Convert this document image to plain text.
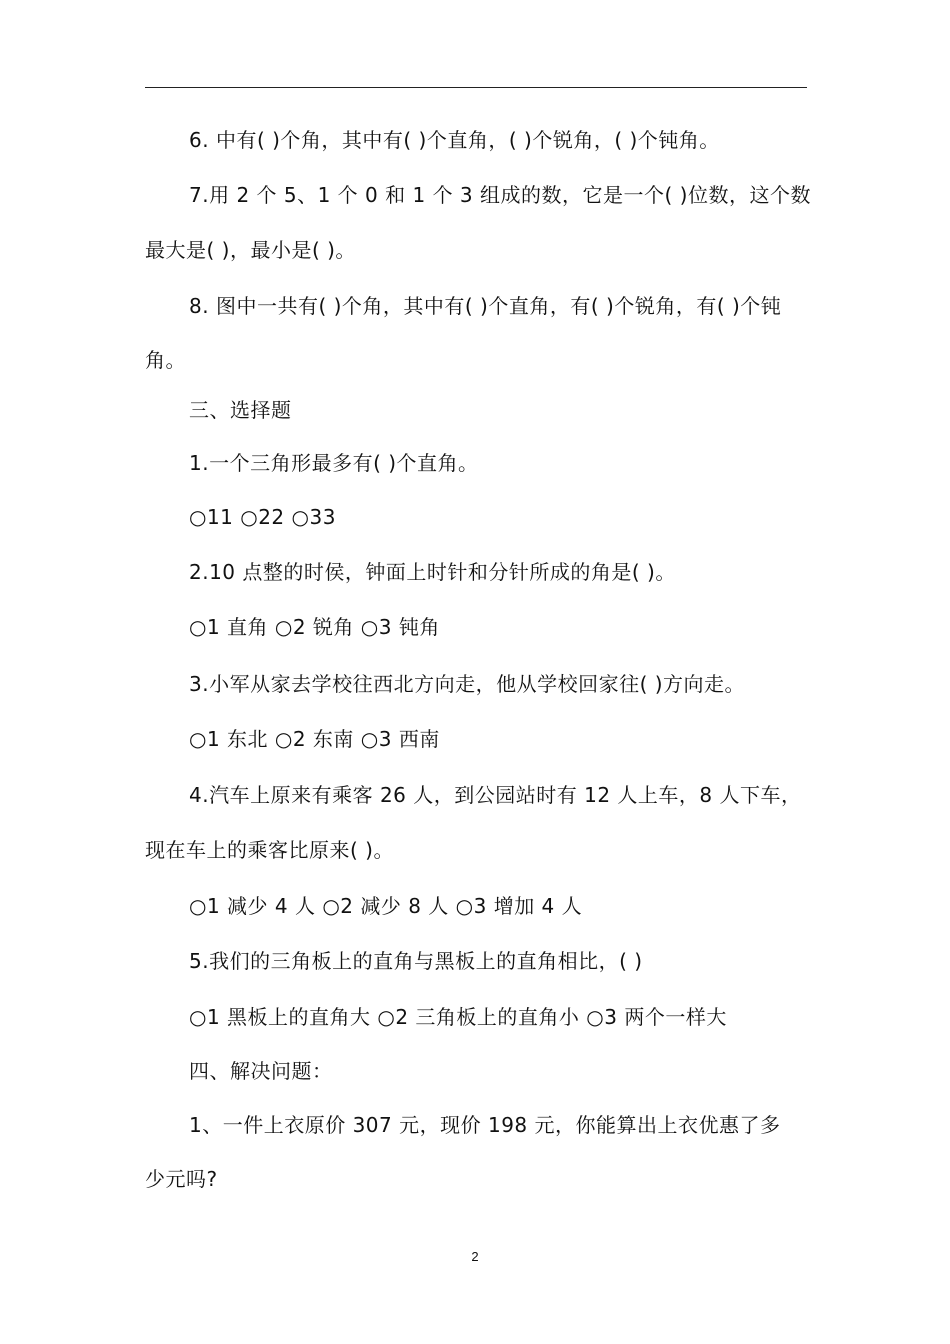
6. 中有( )个角，其中有( )个直角，( )个锐角，( )个钝角。
7.用 2 个 5、1 个 0 和 1 个 3 组成的数，它是一个( )位数，这个数
最大是( )，最小是( )。
8. 图中一共有( )个角，其中有( )个直角，有( )个锐角，有( )个钝
角。
三、选择题
1.一个三角形最多有( )个直角。
○11 ○22 ○33
2.10 点整的时侯，钟面上时针和分针所成的角是( )。
○1 直角 ○2 锐角 ○3 钝角
3.小军从家去学校往西北方向走，他从学校回家往( )方向走。
○1 东北 ○2 东南 ○3 西南
4.汽车上原来有乘客 26 人，到公园站时有 12 人上车，8 人下车，
现在车上的乘客比原来( )。
○1 减少 4 人 ○2 减少 8 人 ○3 增加 4 人
5.我们的三角板上的直角与黑板上的直角相比，( )
○1 黑板上的直角大 ○2 三角板上的直角小 ○3 两个一样大
四、解决问题：
1、一件上衣原价 307 元，现价 198 元，你能算出上衣优惠了多
少元吗?
2
